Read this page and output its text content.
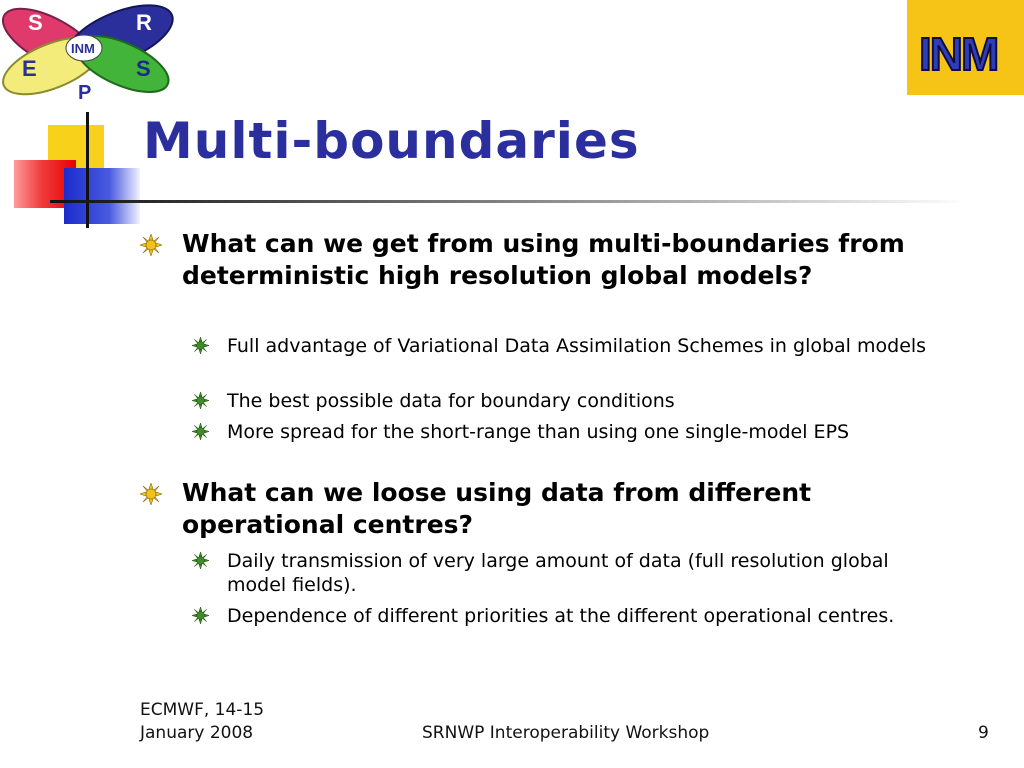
S	R
E	S
P
INM	INM
Multi-boundaries
What can we get from using multi-boundaries from deterministic high resolution global models?
Full advantage of Variational Data Assimilation Schemes in global models
The best possible data for boundary conditions
More spread for the short-range than using one single-model EPS
What can we loose using data from different operational centres?
Daily transmission of very large amount of data (full resolution global model fields).
Dependence of different priorities at the different operational centres.
ECMWF, 14-15 January 2008	SRNWP Interoperability Workshop	9
